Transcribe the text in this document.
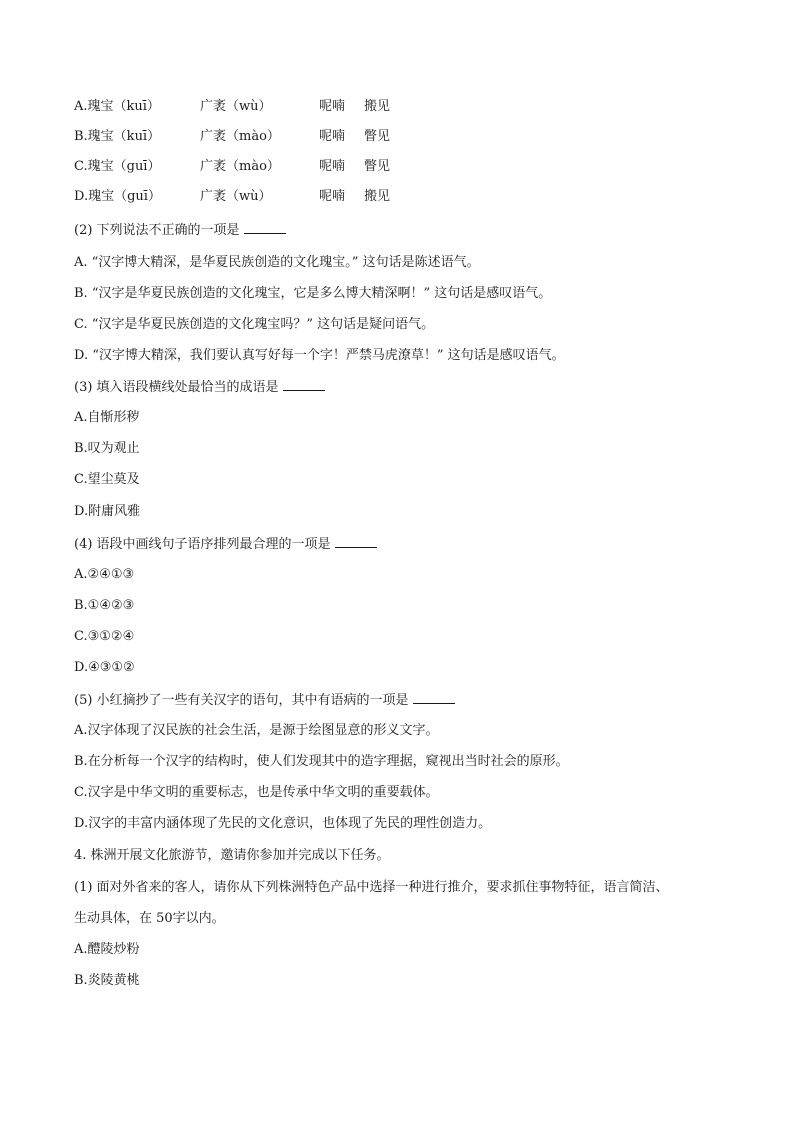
A.瑰宝（kuī）	广袤（wù）	呢喃 搬见
B.瑰宝（kuī）	广袤（mào）	呢喃 瞥见
C.瑰宝（guī）	广袤（mào）	呢喃 瞥见
D.瑰宝（guī）	广袤（wù）	呢喃 搬见
(2) 下列说法不正确的一项是
A. “汉字博大精深，是华夏民族创造的文化瑰宝。” 这句话是陈述语气。
B. “汉字是华夏民族创造的文化瑰宝，它是多么博大精深啊！” 这句话是感叹语气。
C. “汉字是华夏民族创造的文化瑰宝吗？” 这句话是疑问语气。
D. “汉字博大精深，我们要认真写好每一个字！严禁马虎潦草！” 这句话是感叹语气。
(3) 填入语段横线处最恰当的成语是
A.自惭形秽
B.叹为观止
C.望尘莫及
D.附庸风雅
(4) 语段中画线句子语序排列最合理的一项是
A.②④①③
B.①④②③
C.③①②④
D.④③①②
(5) 小红摘抄了一些有关汉字的语句，其中有语病的一项是
A.汉字体现了汉民族的社会生活，是源于绘图显意的形义文字。
B.在分析每一个汉字的结构时，使人们发现其中的造字理据，窥视出当时社会的原形。
C.汉字是中华文明的重要标志，也是传承中华文明的重要载体。
D.汉字的丰富内涵体现了先民的文化意识，也体现了先民的理性创造力。
4. 株洲开展文化旅游节，邀请你参加并完成以下任务。
(1) 面对外省来的客人，请你从下列株洲特色产品中选择一种进行推介，要求抓住事物特征，语言简洁、
生动具体，在 50字以内。
A.醴陵炒粉
B.炎陵黄桃
